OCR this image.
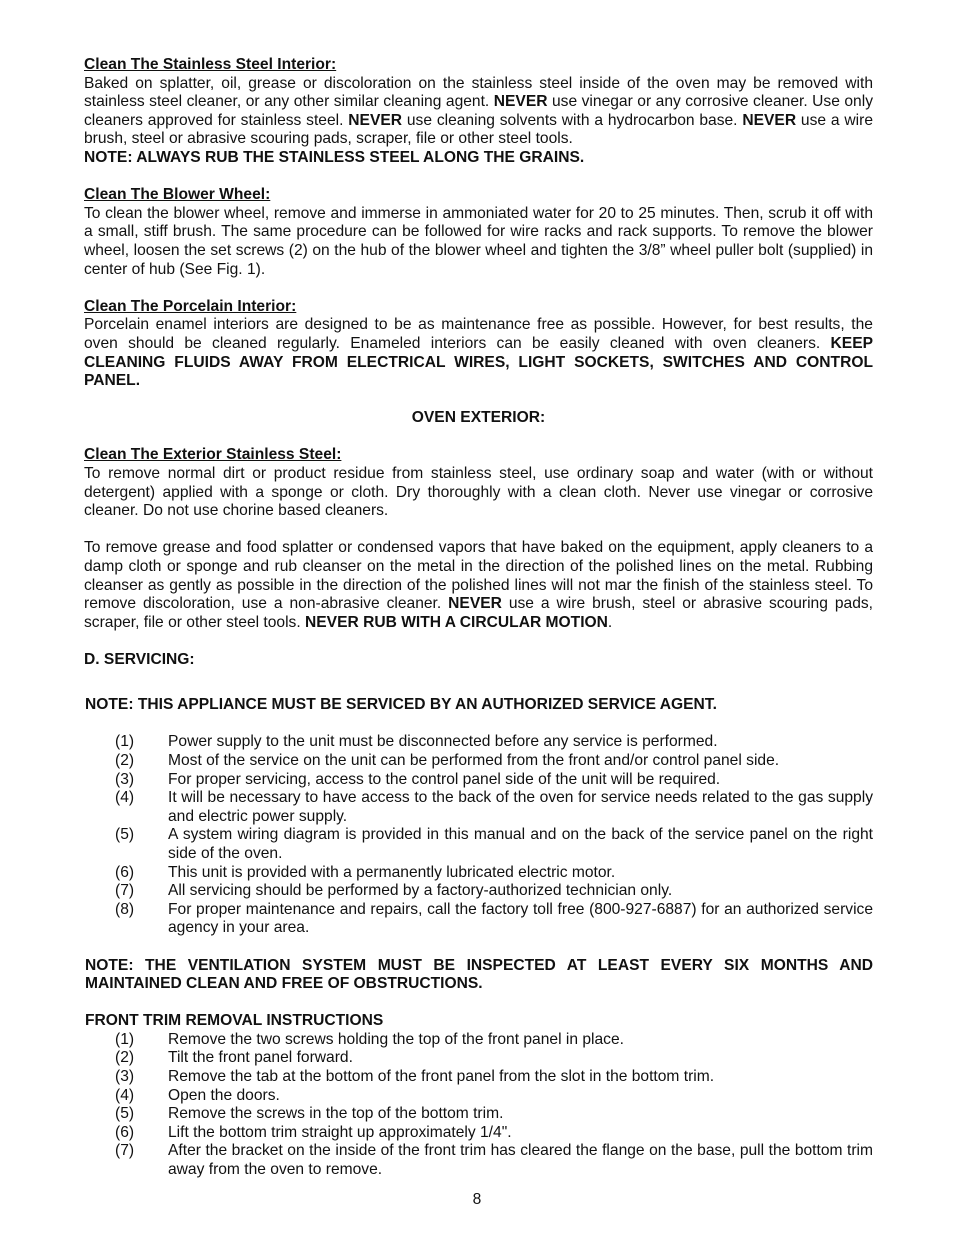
Clean The Stainless Steel Interior:

Baked on splatter, oil, grease or discoloration on the stainless steel inside of the oven may be removed with stainless steel cleaner, or any other similar cleaning agent. NEVER use vinegar or any corrosive cleaner. Use only cleaners approved for stainless steel. NEVER use cleaning solvents with a hydrocarbon base. NEVER use a wire brush, steel or abrasive scouring pads, scraper, file or other steel tools.

NOTE: ALWAYS RUB THE STAINLESS STEEL ALONG THE GRAINS.
Clean The Blower Wheel:

To clean the blower wheel, remove and immerse in ammoniated water for 20 to 25 minutes. Then, scrub it off with a small, stiff brush. The same procedure can be followed for wire racks and rack supports. To remove the blower wheel, loosen the set screws (2) on the hub of the blower wheel and tighten the 3/8” wheel puller bolt (supplied) in center of hub (See Fig. 1).

Clean The Porcelain Interior:

Porcelain enamel interiors are designed to be as maintenance free as possible. However, for best results, the oven should be cleaned regularly. Enameled interiors can be easily cleaned with oven cleaners. KEEP CLEANING FLUIDS AWAY FROM ELECTRICAL WIRES, LIGHT SOCKETS, SWITCHES AND CONTROL PANEL.

OVEN EXTERIOR:
Clean The Exterior Stainless Steel:

To remove normal dirt or product residue from stainless steel, use ordinary soap and water (with or without detergent) applied with a sponge or cloth. Dry thoroughly with a clean cloth. Never use vinegar or corrosive cleaner. Do not use chorine based cleaners.

To remove grease and food splatter or condensed vapors that have baked on the equipment, apply cleaners to a damp cloth or sponge and rub cleanser on the metal in the direction of the polished lines on the metal. Rubbing cleanser as gently as possible in the direction of the polished lines will not mar the finish of the stainless steel. To remove discoloration, use a non-abrasive cleaner. NEVER use a wire brush, steel or abrasive scouring pads, scraper, file or other steel tools. NEVER RUB WITH A CIRCULAR MOTION.

D. SERVICING:
NOTE: THIS APPLIANCE MUST BE SERVICED BY AN AUTHORIZED SERVICE AGENT.
(1)	Power supply to the unit must be disconnected before any service is performed.
(2)	Most of the service on the unit can be performed from the front and/or control panel side.
(3)	For proper servicing, access to the control panel side of the unit will be required.
(4)	It will be necessary to have access to the back of the oven for service needs related to the gas supply and electric power supply.
(5)	A system wiring diagram is provided in this manual and on the back of the service panel on the right side of the oven.
(6)	This unit is provided with a permanently lubricated electric motor.
(7)	All servicing should be performed by a factory-authorized technician only.
(8)	For proper maintenance and repairs, call the factory toll free (800-927-6887) for an authorized service agency in your area.
NOTE: THE VENTILATION SYSTEM MUST BE INSPECTED AT LEAST EVERY SIX MONTHS AND MAINTAINED CLEAN AND FREE OF OBSTRUCTIONS.
FRONT TRIM REMOVAL INSTRUCTIONS
(1)	Remove the two screws holding the top of the front panel in place.
(2)	Tilt the front panel forward.
(3)	Remove the tab at the bottom of the front panel from the slot in the bottom trim.
(4)	Open the doors.
(5)	Remove the screws in the top of the bottom trim.
(6)	Lift the bottom trim straight up approximately 1/4".
(7)	After the bracket on the inside of the front trim has cleared the flange on the base, pull the bottom trim away from the oven to remove.
8
